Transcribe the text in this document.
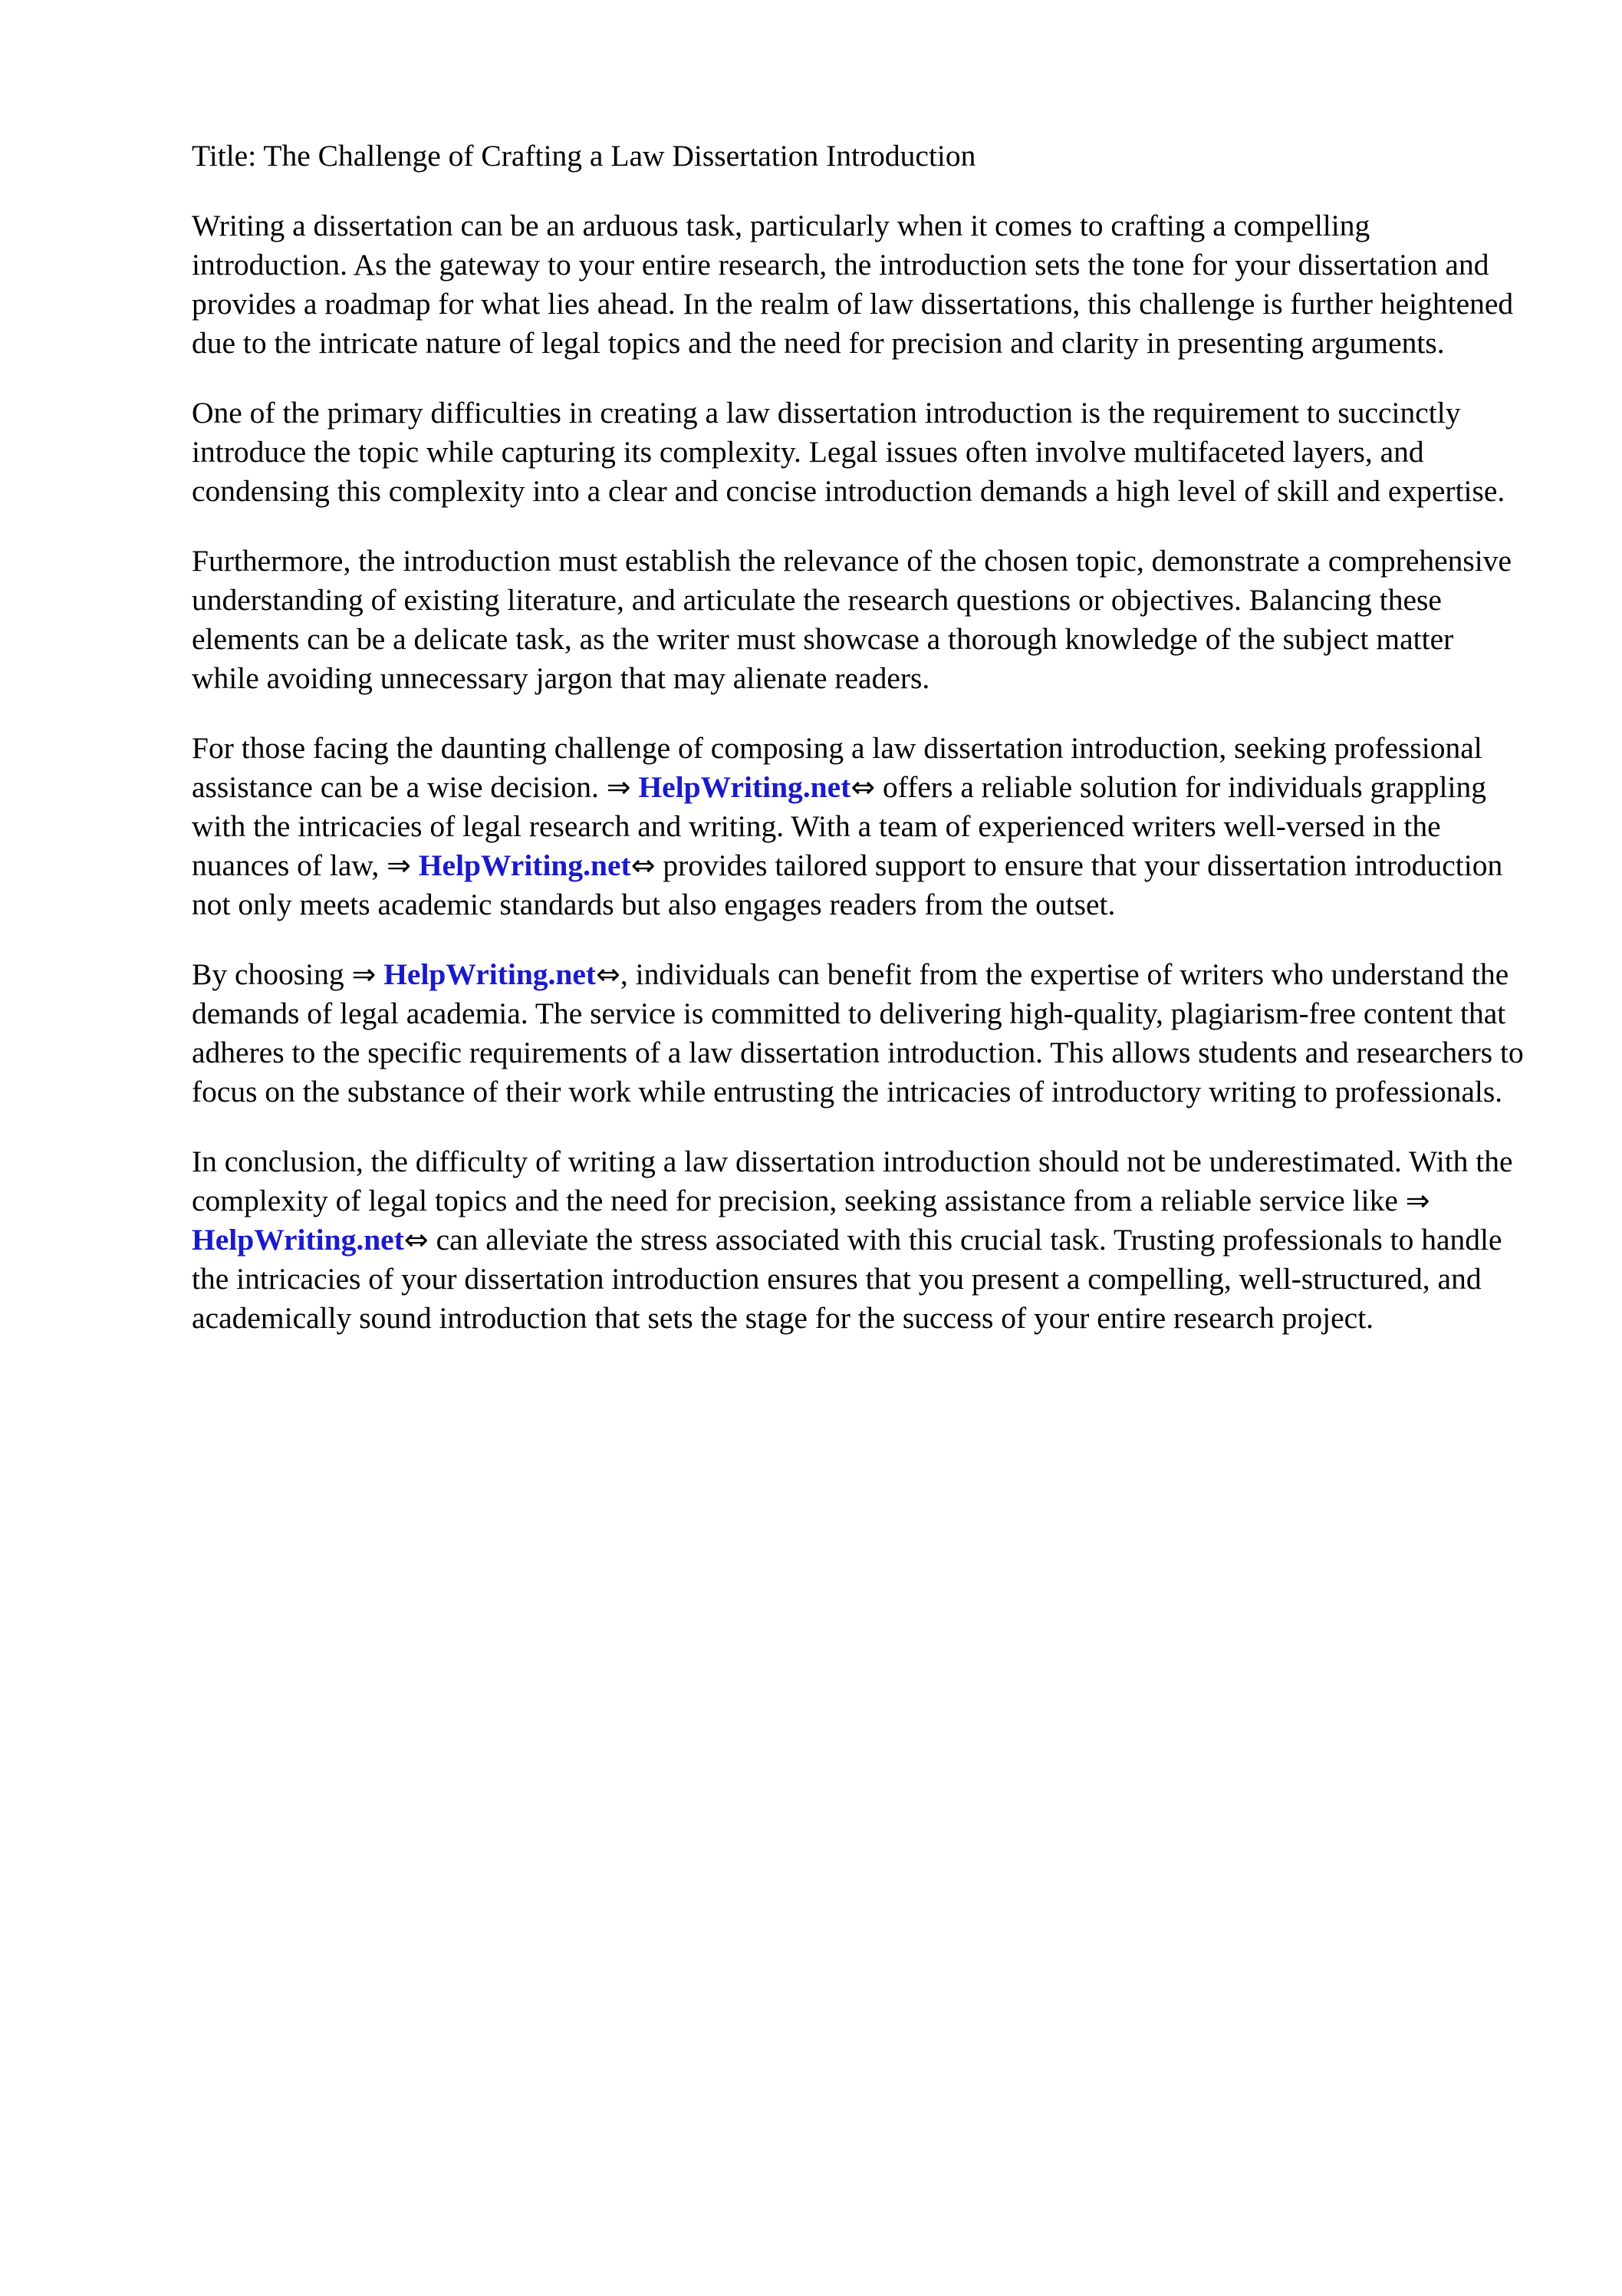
Title: The Challenge of Crafting a Law Dissertation Introduction

Writing a dissertation can be an arduous task, particularly when it comes to crafting a compelling introduction. As the gateway to your entire research, the introduction sets the tone for your dissertation and provides a roadmap for what lies ahead. In the realm of law dissertations, this challenge is further heightened due to the intricate nature of legal topics and the need for precision and clarity in presenting arguments.

One of the primary difficulties in creating a law dissertation introduction is the requirement to succinctly introduce the topic while capturing its complexity. Legal issues often involve multifaceted layers, and condensing this complexity into a clear and concise introduction demands a high level of skill and expertise.

Furthermore, the introduction must establish the relevance of the chosen topic, demonstrate a comprehensive understanding of existing literature, and articulate the research questions or objectives. Balancing these elements can be a delicate task, as the writer must showcase a thorough knowledge of the subject matter while avoiding unnecessary jargon that may alienate readers.

For those facing the daunting challenge of composing a law dissertation introduction, seeking professional assistance can be a wise decision. ⇒ HelpWriting.net⇔ offers a reliable solution for individuals grappling with the intricacies of legal research and writing. With a team of experienced writers well-versed in the nuances of law, ⇒ HelpWriting.net⇔ provides tailored support to ensure that your dissertation introduction not only meets academic standards but also engages readers from the outset.

By choosing ⇒ HelpWriting.net⇔, individuals can benefit from the expertise of writers who understand the demands of legal academia. The service is committed to delivering high-quality, plagiarism-free content that adheres to the specific requirements of a law dissertation introduction. This allows students and researchers to focus on the substance of their work while entrusting the intricacies of introductory writing to professionals.

In conclusion, the difficulty of writing a law dissertation introduction should not be underestimated. With the complexity of legal topics and the need for precision, seeking assistance from a reliable service like ⇒ HelpWriting.net⇔ can alleviate the stress associated with this crucial task. Trusting professionals to handle the intricacies of your dissertation introduction ensures that you present a compelling, well-structured, and academically sound introduction that sets the stage for the success of your entire research project.
